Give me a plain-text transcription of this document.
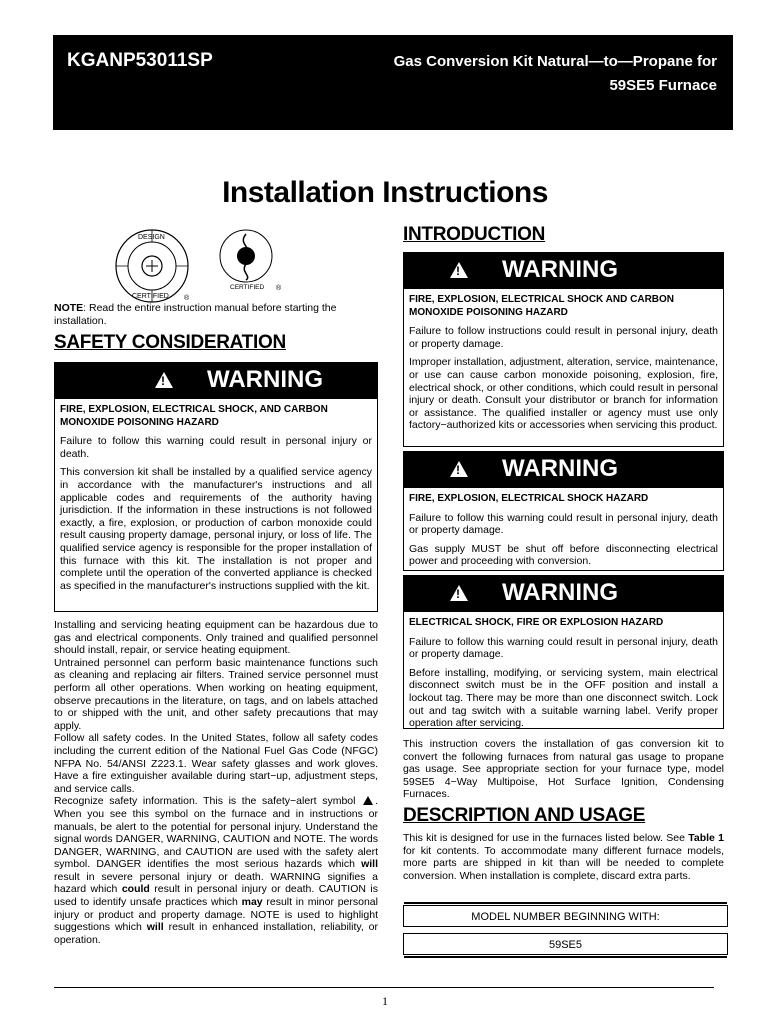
KGANP53011SP	Gas Conversion Kit Natural—to—Propane for
59SE5 Furnace
Installation Instructions
DESIGN
CERTIFIED ®
CERTIFIED ®
NOTE: Read the entire instruction manual before starting the installation.
SAFETY CONSIDERATION
!
WARNING
FIRE, EXPLOSION, ELECTRICAL SHOCK, AND CARBON MONOXIDE POISONING HAZARD

Failure to follow this warning could result in personal injury or death.

This conversion kit shall be installed by a qualified service agency in accordance with the manufacturer's instructions and all applicable codes and requirements of the authority having jurisdiction. If the information in these instructions is not followed exactly, a fire, explosion, or production of carbon monoxide could result causing property damage, personal injury, or loss of life. The qualified service agency is responsible for the proper installation of this furnace with this kit. The installation is not proper and complete until the operation of the converted appliance is checked as specified in the manufacturer's instructions supplied with the kit.

Installing and servicing heating equipment can be hazardous due to gas and electrical components. Only trained and qualified personnel should install, repair, or service heating equipment.

Untrained personnel can perform basic maintenance functions such as cleaning and replacing air filters. Trained service personnel must perform all other operations. When working on heating equipment, observe precautions in the literature, on tags, and on labels attached to or shipped with the unit, and other safety precautions that may apply.

Follow all safety codes. In the United States, follow all safety codes including the current edition of the National Fuel Gas Code (NFGC) NFPA No. 54/ANSI Z223.1. Wear safety glasses and work gloves. Have a fire extinguisher available during start−up, adjustment steps, and service calls.

Recognize safety information. This is the safety−alert symbol . When you see this symbol on the furnace and in instructions or manuals, be alert to the potential for personal injury. Understand the signal words DANGER, WARNING, CAUTION and NOTE. The words DANGER, WARNING, and CAUTION are used with the safety alert symbol. DANGER identifies the most serious hazards which will result in severe personal injury or death. WARNING signifies a hazard which could result in personal injury or death. CAUTION is used to identify unsafe practices which may result in minor personal injury or product and property damage. NOTE is used to highlight suggestions which will result in enhanced installation, reliability, or operation.

INTRODUCTION
!
WARNING
FIRE, EXPLOSION, ELECTRICAL SHOCK AND CARBON MONOXIDE POISONING HAZARD

Failure to follow instructions could result in personal injury, death or property damage.

Improper installation, adjustment, alteration, service, maintenance, or use can cause carbon monoxide poisoning, explosion, fire, electrical shock, or other conditions, which could result in personal injury or death. Consult your distributor or branch for information or assistance. The qualified installer or agency must use only factory−authorized kits or accessories when servicing this product.

!
WARNING
FIRE, EXPLOSION, ELECTRICAL SHOCK HAZARD

Failure to follow this warning could result in personal injury, death or property damage.

Gas supply MUST be shut off before disconnecting electrical power and proceeding with conversion.

!
WARNING
ELECTRICAL SHOCK, FIRE OR EXPLOSION HAZARD

Failure to follow this warning could result in personal injury, death or property damage.

Before installing, modifying, or servicing system, main electrical disconnect switch must be in the OFF position and install a lockout tag. There may be more than one disconnect switch. Lock out and tag switch with a suitable warning label. Verify proper operation after servicing.

This instruction covers the installation of gas conversion kit to convert the following furnaces from natural gas usage to propane gas usage. See appropriate section for your furnace type, model 59SE5 4−Way Multipoise, Hot Surface Ignition, Condensing Furnaces.

DESCRIPTION AND USAGE

This kit is designed for use in the furnaces listed below. See Table 1 for kit contents. To accommodate many different furnace models, more parts are shipped in kit than will be needed to complete conversion. When installation is complete, discard extra parts.

MODEL NUMBER BEGINNING WITH:
59SE5
1
